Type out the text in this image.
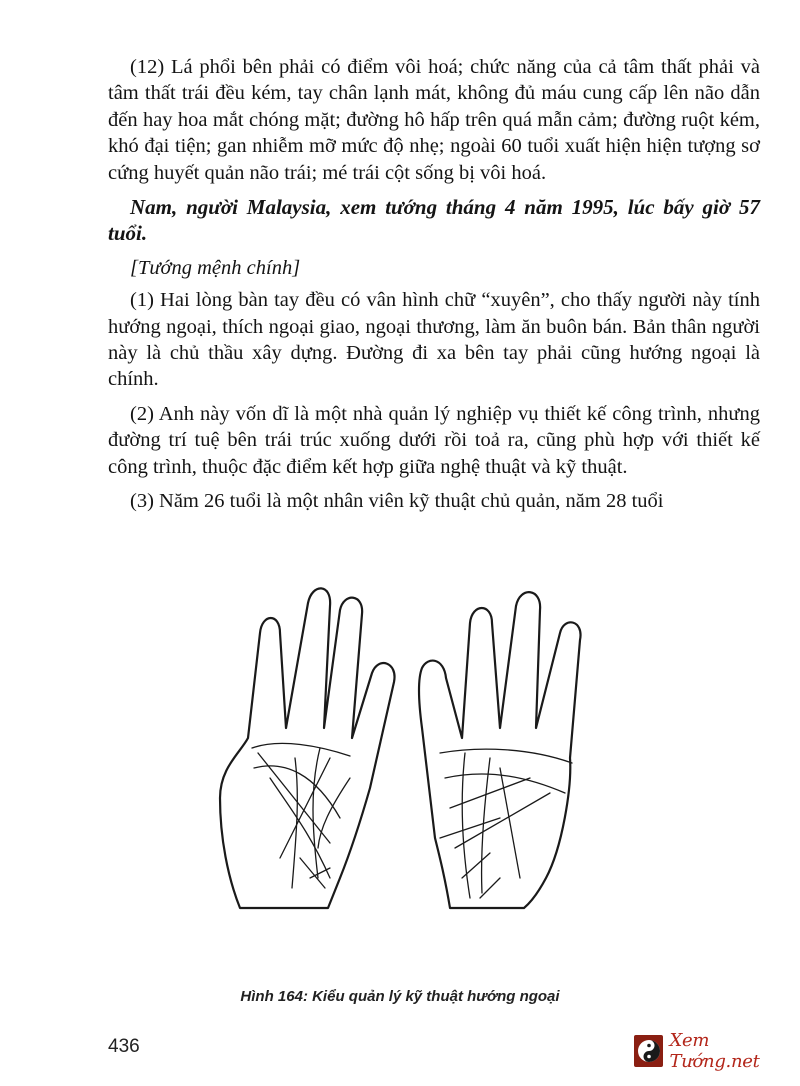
(12) Lá phổi bên phải có điểm vôi hoá; chức năng của cả tâm thất phải và tâm thất trái đều kém, tay chân lạnh mát, không đủ máu cung cấp lên não dẫn đến hay hoa mắt chóng mặt; đường hô hấp trên quá mẫn cảm; đường ruột kém, khó đại tiện; gan nhiễm mỡ mức độ nhẹ; ngoài 60 tuổi xuất hiện hiện tượng sơ cứng huyết quản não trái; mé trái cột sống bị vôi hoá.

Nam, người Malaysia, xem tướng tháng 4 năm 1995, lúc bấy giờ 57 tuổi.

[Tướng mệnh chính]

(1) Hai lòng bàn tay đều có vân hình chữ “xuyên”, cho thấy người này tính hướng ngoại, thích ngoại giao, ngoại thương, làm ăn buôn bán. Bản thân người này là chủ thầu xây dựng. Đường đi xa bên tay phải cũng hướng ngoại là chính.

(2) Anh này vốn dĩ là một nhà quản lý nghiệp vụ thiết kế công trình, nhưng đường trí tuệ bên trái trúc xuống dưới rồi toả ra, cũng phù hợp với thiết kế công trình, thuộc đặc điểm kết hợp giữa nghệ thuật và kỹ thuật.

(3) Năm 26 tuổi là một nhân viên kỹ thuật chủ quản, năm 28 tuổi

Hình 164: Kiểu quản lý kỹ thuật hướng ngoại
436	Xem Tướng.net
